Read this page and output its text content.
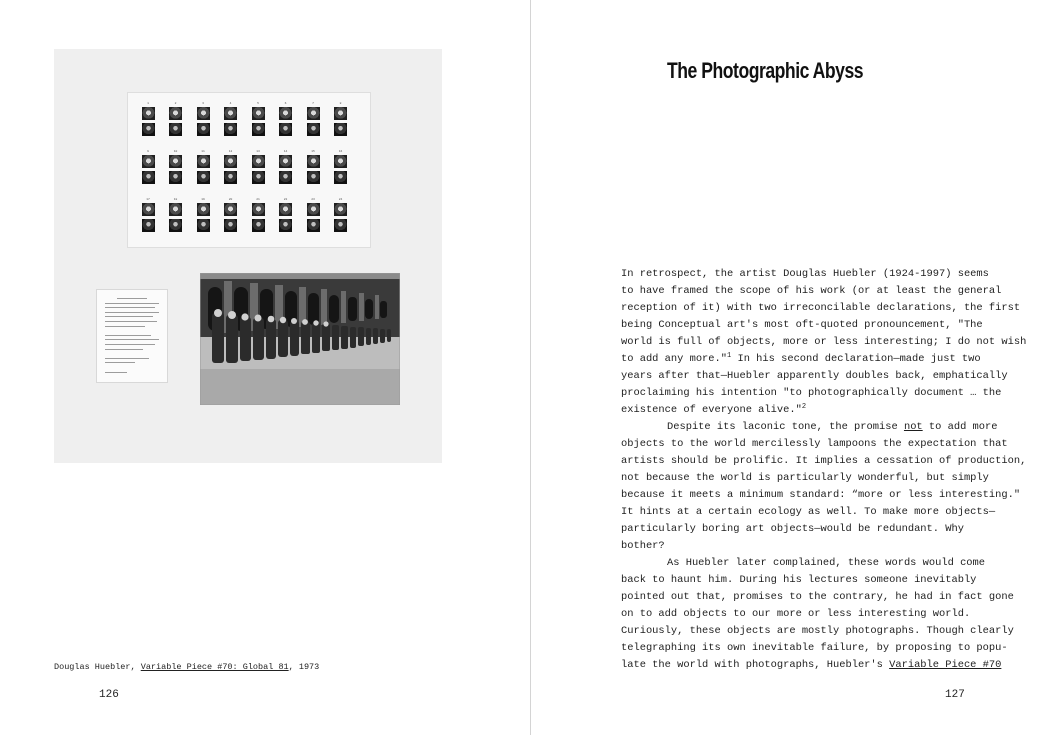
1	2	3	4	5	6	7	8
9	10	11	12	13	14	15	16
17	18	19	20	21	22	23	24
Douglas Huebler, Variable Piece #70: Global 81, 1973
126
The Photographic Abyss
In retrospect, the artist Douglas Huebler (1924-1997) seems
to have framed the scope of his work (or at least the general
reception of it) with two irreconcilable declarations, the first
being Conceptual art's most oft-quoted pronouncement, "The
world is full of objects, more or less interesting; I do not wish
to add any more."$^1$ In his second declaration—made just two
years after that—Huebler apparently doubles back, emphatically
proclaiming his intention "to photographically document … the
existence of everyone alive."$^2$
Despite its laconic tone, the promise not to add more
objects to the world mercilessly lampoons the expectation that
artists should be prolific. It implies a cessation of production,
not because the world is particularly wonderful, but simply
because it meets a minimum standard: “more or less interesting."
It hints at a certain ecology as well. To make more objects—
particularly boring art objects—would be redundant. Why
bother?
As Huebler later complained, these words would come
back to haunt him. During his lectures someone inevitably
pointed out that, promises to the contrary, he had in fact gone
on to add objects to our more or less interesting world.
Curiously, these objects are mostly photographs. Though clearly
telegraphing its own inevitable failure, by proposing to popu-
late the world with photographs, Huebler's Variable Piece #70
127
